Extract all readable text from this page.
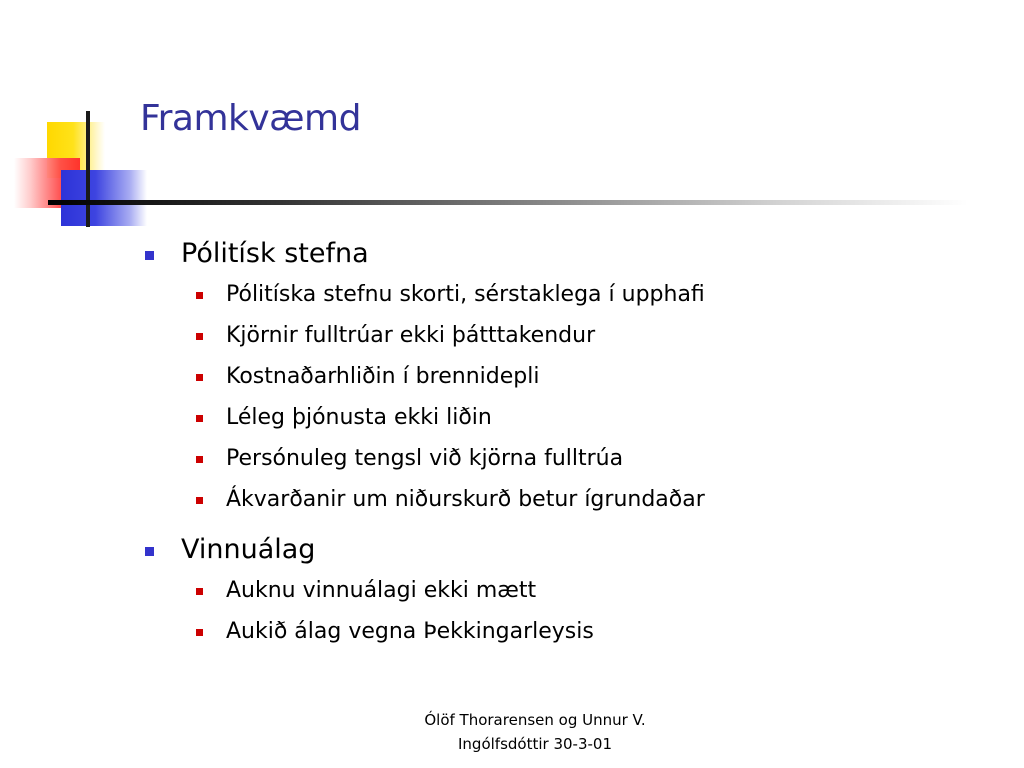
Framkvæmd
Pólitísk stefna
Pólitíska stefnu skorti, sérstaklega í upphafi
Kjörnir fulltrúar ekki þátttakendur
Kostnaðarhliðin í brennidepli
Léleg þjónusta ekki liðin
Persónuleg tengsl við kjörna fulltrúa
Ákvarðanir um niðurskurð betur ígrundaðar
Vinnuálag
Auknu vinnuálagi ekki mætt
Aukið álag vegna Þekkingarleysis
Ólöf Thorarensen og Unnur V.
Ingólfsdóttir 30-3-01
